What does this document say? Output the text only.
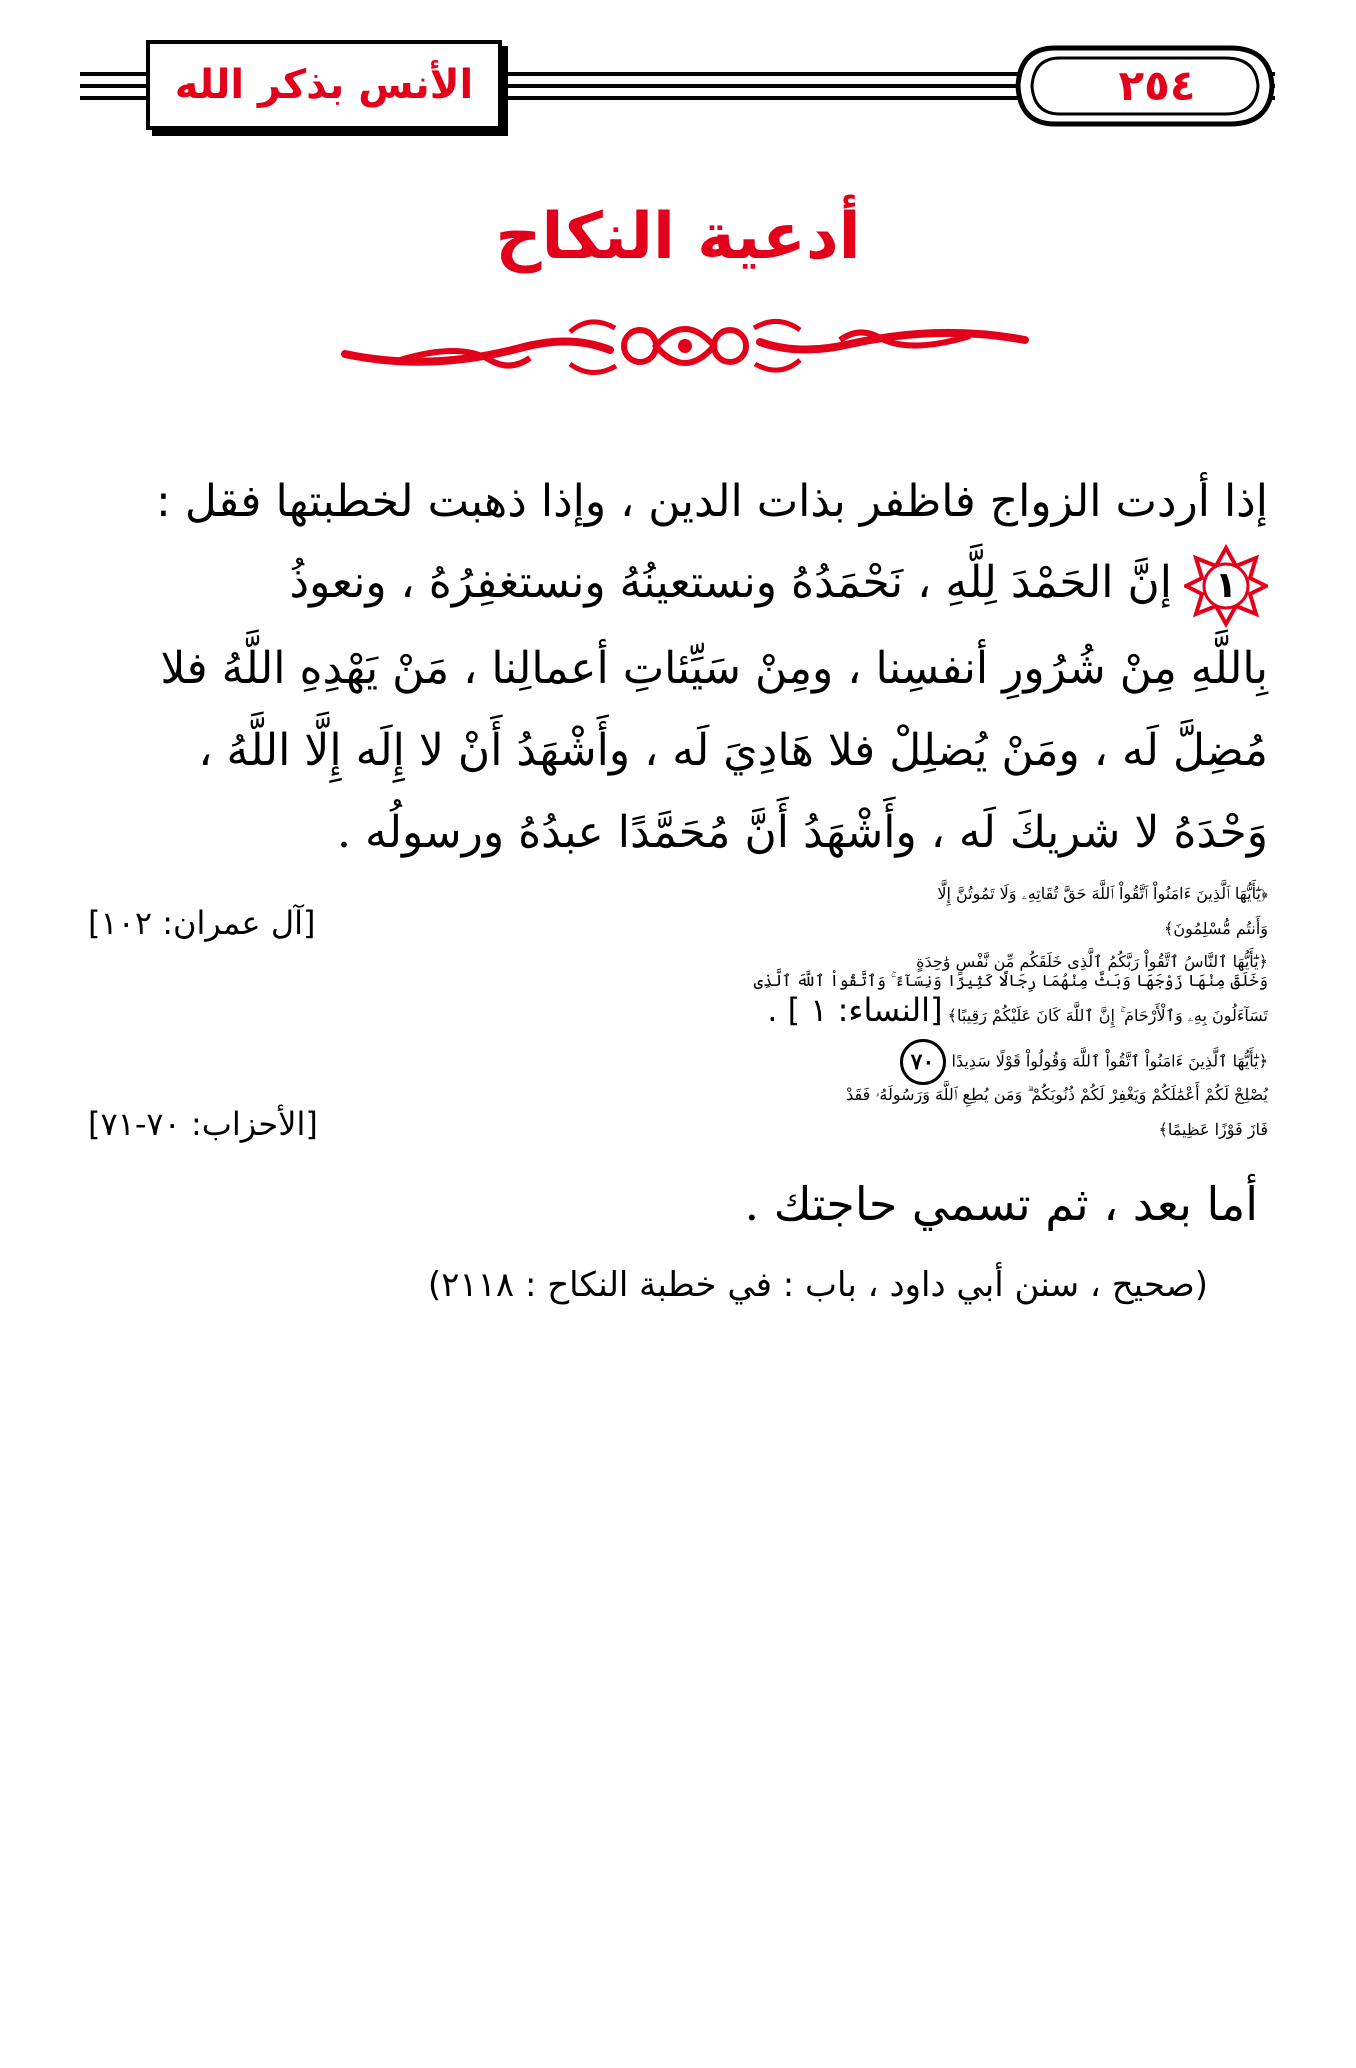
الأنس بذكر الله	٢٥٤
أدعية النكاح
إذا أردت الزواج فاظفر بذات الدين ، وإذا ذهبت لخطبتها فقل :
١
إنَّ الحَمْدَ لِلَّهِ ، نَحْمَدُهُ ونستعينُهُ ونستغفِرُهُ ، ونعوذُ
بِاللَّهِ مِنْ شُرُورِ أنفسِنا ، ومِنْ سَيِّئاتِ أعمالِنا ، مَنْ يَهْدِهِ اللَّهُ فلا
مُضِلَّ لَه ، ومَنْ يُضلِلْ فلا هَادِيَ لَه ، وأَشْهَدُ أَنْ لا إِلَه إِلَّا اللَّهُ ،
وَحْدَهُ لا شريكَ لَه ، وأَشْهَدُ أَنَّ مُحَمَّدًا عبدُهُ ورسولُه .
﴿يَٰٓأَيُّهَا ٱلَّذِينَ ءَامَنُواْ ٱتَّقُواْ ٱللَّهَ حَقَّ تُقَاتِهِۦ وَلَا تَمُوتُنَّ إِلَّا
وَأَنتُم مُّسْلِمُونَ﴾
[آل عمران: ١٠٢]
﴿يَٰٓأَيُّهَا ٱلنَّاسُ ٱتَّقُواْ رَبَّكُمُ ٱلَّذِى خَلَقَكُم مِّن نَّفْسٍ وَٰحِدَةٍ
وَخَلَقَ مِنْهَا زَوْجَهَا وَبَثَّ مِنْهُمَا رِجَالًا كَثِيرًا وَنِسَآءً ۚ وَٱتَّقُواْ ٱللَّهَ ٱلَّذِى
تَسَآءَلُونَ بِهِۦ وَٱلْأَرْحَامَ ۚ إِنَّ ٱللَّهَ كَانَ عَلَيْكُمْ رَقِيبًا﴾ [النساء: ١ ] .
﴿يَٰٓأَيُّهَا ٱلَّذِينَ ءَامَنُواْ ٱتَّقُواْ ٱللَّهَ وَقُولُواْ قَوْلًا سَدِيدًا٧٠
يُصْلِحْ لَكُمْ أَعْمَٰلَكُمْ وَيَغْفِرْ لَكُمْ ذُنُوبَكُمْ ۗ وَمَن يُطِعِ ٱللَّهَ وَرَسُولَهُۥ فَقَدْ
فَازَ فَوْزًا عَظِيمًا﴾
[الأحزاب: ٧٠-٧١]
أما بعد ، ثم تسمي حاجتك .
(صحيح ، سنن أبي داود ، باب : في خطبة النكاح : ٢١١٨)
